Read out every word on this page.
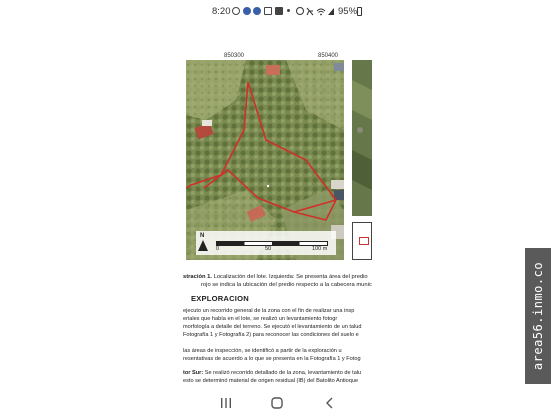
8:20	95%
850300	850400
N
0	50	100 m
stración 1. Localización del lote. Izquierda: Se presenta área del predio
rojo se indica la ubicación del predio respecto a la cabecera munic
EXPLORACION
ejecuto un recorrido general de la zona con el fin de realizar una insp
eriales que había en el lote, se realizó un levantamiento fotogr
morfología a detalle del terreno. Se ejecutó el levantamiento de un talud
Fotografía 1 y Fotografía 2) para reconocer las condiciones del suelo e
las áreas de inspección, se identificó a partir de la exploración u
resentativas de acuerdo a lo que se presenta en la Fotografía 1 y Fotog
tor Sur: Se realizó recorrido detallado de la zona, levantamiento de talu
esto se determinó material de origen residual (IB) del Batolito Antioque
area56.inmo.co
